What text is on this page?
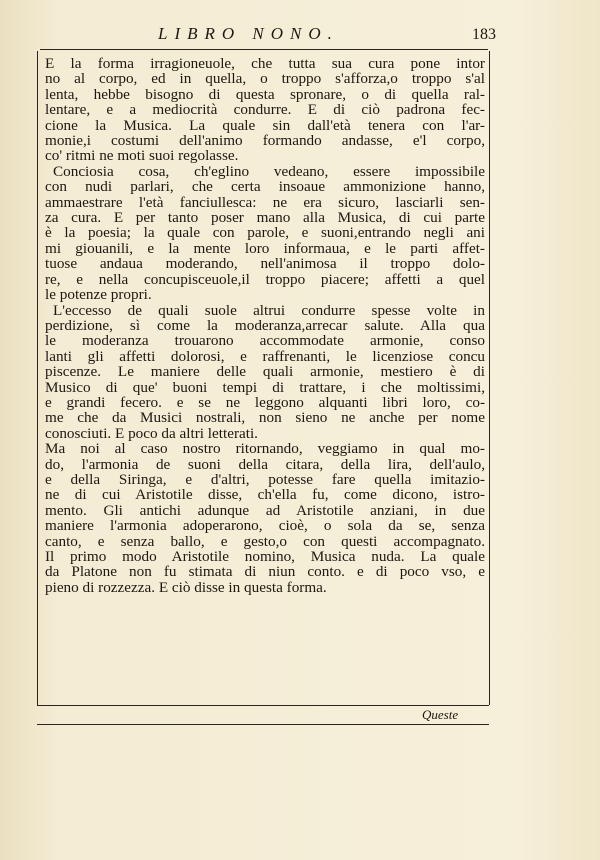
LIBRO NONO.	183
E la forma irragioneuole, che tutta sua cura pone intor
no al corpo, ed in quella, o troppo s'afforza,o troppo s'al
lenta, hebbe bisogno di questa spronare, o di quella ral-
lentare, e a mediocrità condurre. E di ciò padrona fec-
cione la Musica. La quale sin dall'età tenera con l'ar-
monie,i costumi dell'animo formando andasse, e'l corpo,
co' ritmi ne moti suoi regolasse.
Conciosia cosa, ch'eglino vedeano, essere impossibile
con nudi parlari, che certa insoaue ammonizione hanno,
ammaestrare l'età fanciullesca: ne era sicuro, lasciarli sen-
za cura. E per tanto poser mano alla Musica, di cui parte
è la poesia; la quale con parole, e suoni,entrando negli ani
mi giouanili, e la mente loro informaua, e le parti affet-
tuose andaua moderando, nell'animosa il troppo dolo-
re, e nella concupisceuole,il troppo piacere; affetti a quel
le potenze propri.
L'eccesso de quali suole altrui condurre spesse volte in
perdizione, sì come la moderanza,arrecar salute. Alla qua
le moderanza trouarono accommodate armonie, conso
lanti gli affetti dolorosi, e raffrenanti, le licenziose concu
piscenze. Le maniere delle quali armonie, mestiero è di
Musico di que' buoni tempi di trattare, i che moltissimi,
e grandi fecero. e se ne leggono alquanti libri loro, co-
me che da Musici nostrali, non sieno ne anche per nome
conosciuti. E poco da altri letterati.
Ma noi al caso nostro ritornando, veggiamo in qual mo-
do, l'armonia de suoni della citara, della lira, dell'aulo,
e della Siringa, e d'altri, potesse fare quella imitazio-
ne di cui Aristotile disse, ch'ella fu, come dicono, istro-
mento. Gli antichi adunque ad Aristotile anziani, in due
maniere l'armonia adoperarono, cioè, o sola da se, senza
canto, e senza ballo, e gesto,o con questi accompagnato.
Il primo modo Aristotile nomino, Musica nuda. La quale
da Platone non fu stimata di niun conto. e di poco vso, e
pieno di rozzezza. E ciò disse in questa forma.
Queste
